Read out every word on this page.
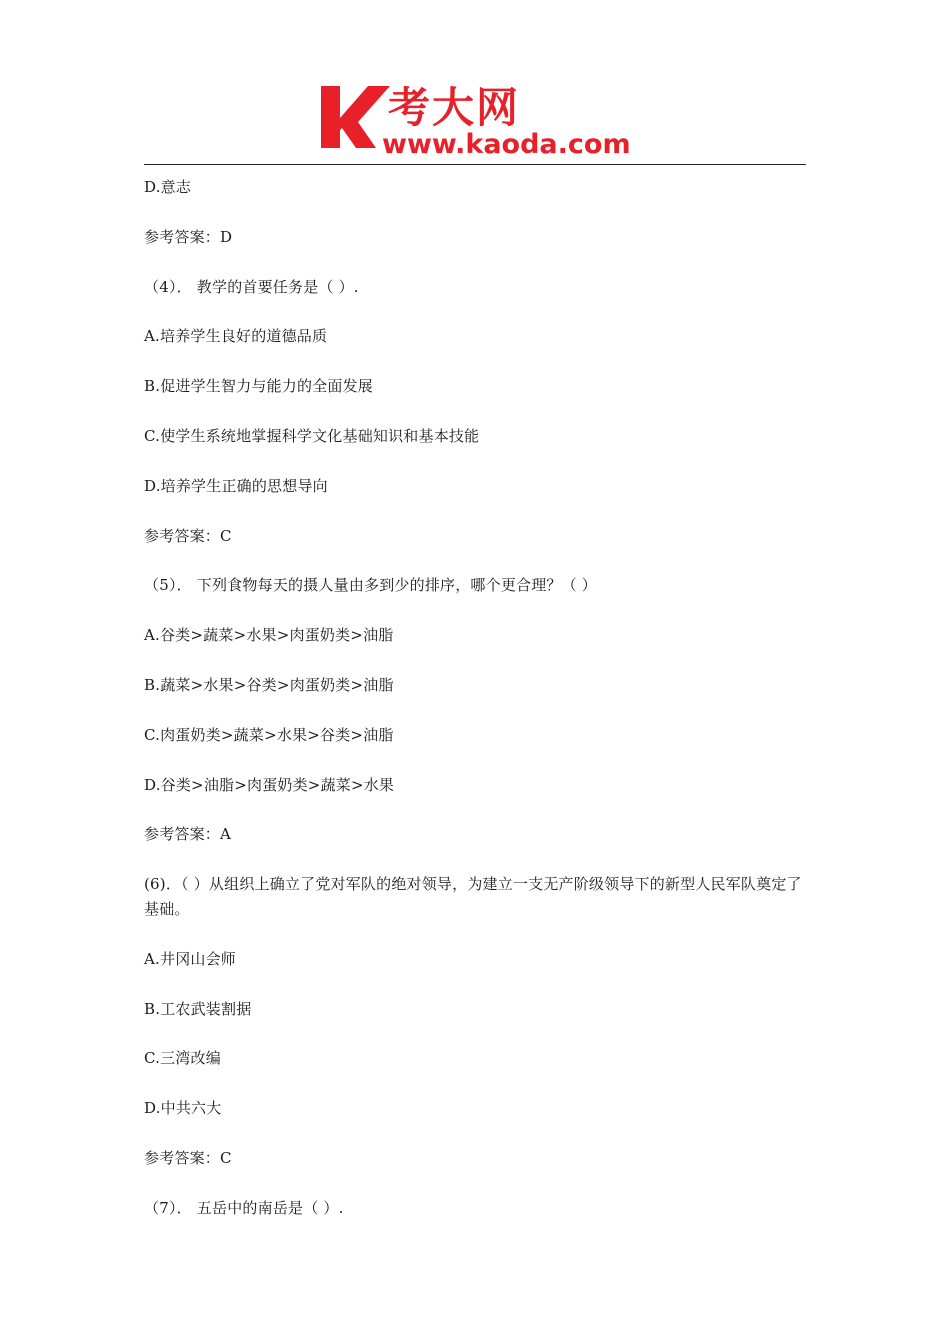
考大网
www.kaoda.com
D.意志
参考答案：D
（4）． 教学的首要任务是（ ）.
A.培养学生良好的道德品质
B.促进学生智力与能力的全面发展
C.使学生系统地掌握科学文化基础知识和基本技能
D.培养学生正确的思想导向
参考答案：C
（5）． 下列食物每天的摄人量由多到少的排序，哪个更合理？（ ）
A.谷类>蔬菜>水果>肉蛋奶类>油脂
B.蔬菜>水果>谷类>肉蛋奶类>油脂
C.肉蛋奶类>蔬菜>水果>谷类>油脂
D.谷类>油脂>肉蛋奶类>蔬菜>水果
参考答案：A
(6)．（ ）从组织上确立了党对军队的绝对领导，为建立一支无产阶级领导下的新型人民军队奠定了基础。
A.井冈山会师
B.工农武装割据
C.三湾改编
D.中共六大
参考答案：C
（7）． 五岳中的南岳是（ ）.
